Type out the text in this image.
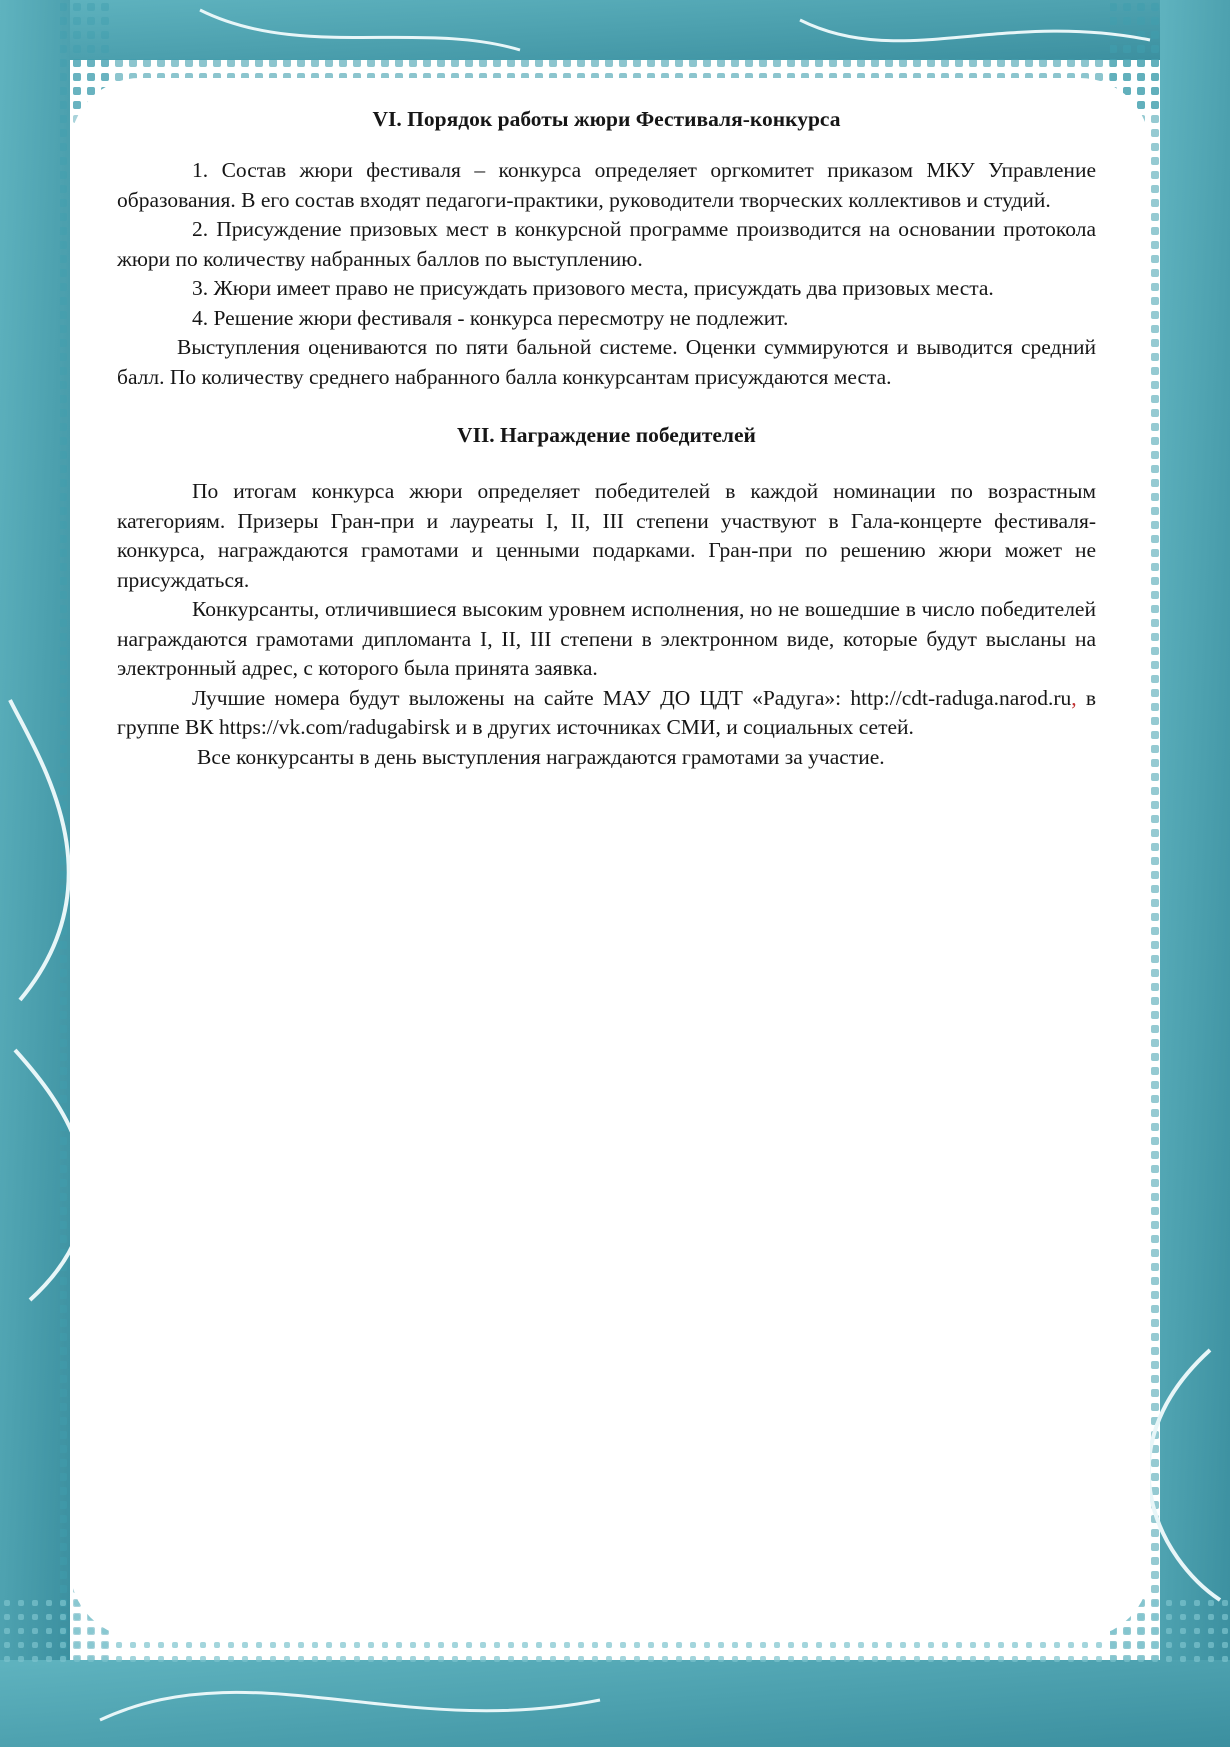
VI. Порядок работы жюри Фестиваля-конкурса

1. Состав жюри фестиваля – конкурса определяет оргкомитет приказом МКУ Управление образования. В его состав входят педагоги-практики, руководители творческих коллективов и студий.

2. Присуждение призовых мест в конкурсной программе производится на основании протокола жюри по количеству набранных баллов по выступлению.

3. Жюри имеет право не присуждать призового места, присуждать два призовых места.

4. Решение жюри фестиваля - конкурса пересмотру не подлежит.

Выступления оцениваются по пяти бальной системе. Оценки суммируются и выводится средний балл. По количеству среднего набранного балла конкурсантам присуждаются места.

VII. Награждение победителей

По итогам конкурса жюри определяет победителей в каждой номинации по возрастным категориям. Призеры Гран-при и лауреаты I, II, III степени участвуют в Гала-концерте фестиваля-конкурса, награждаются грамотами и ценными подарками. Гран-при по решению жюри может не присуждаться.

Конкурсанты, отличившиеся высоким уровнем исполнения, но не вошедшие в число победителей награждаются грамотами дипломанта I, II, III степени в электронном виде, которые будут высланы на электронный адрес, с которого была принята заявка.

Лучшие номера будут выложены на сайте МАУ ДО ЦДТ «Радуга»: http://cdt-raduga.narod.ru, в группе ВК https://vk.com/radugabirsk и в других источниках СМИ, и социальных сетей.

Все конкурсанты в день выступления награждаются грамотами за участие.
